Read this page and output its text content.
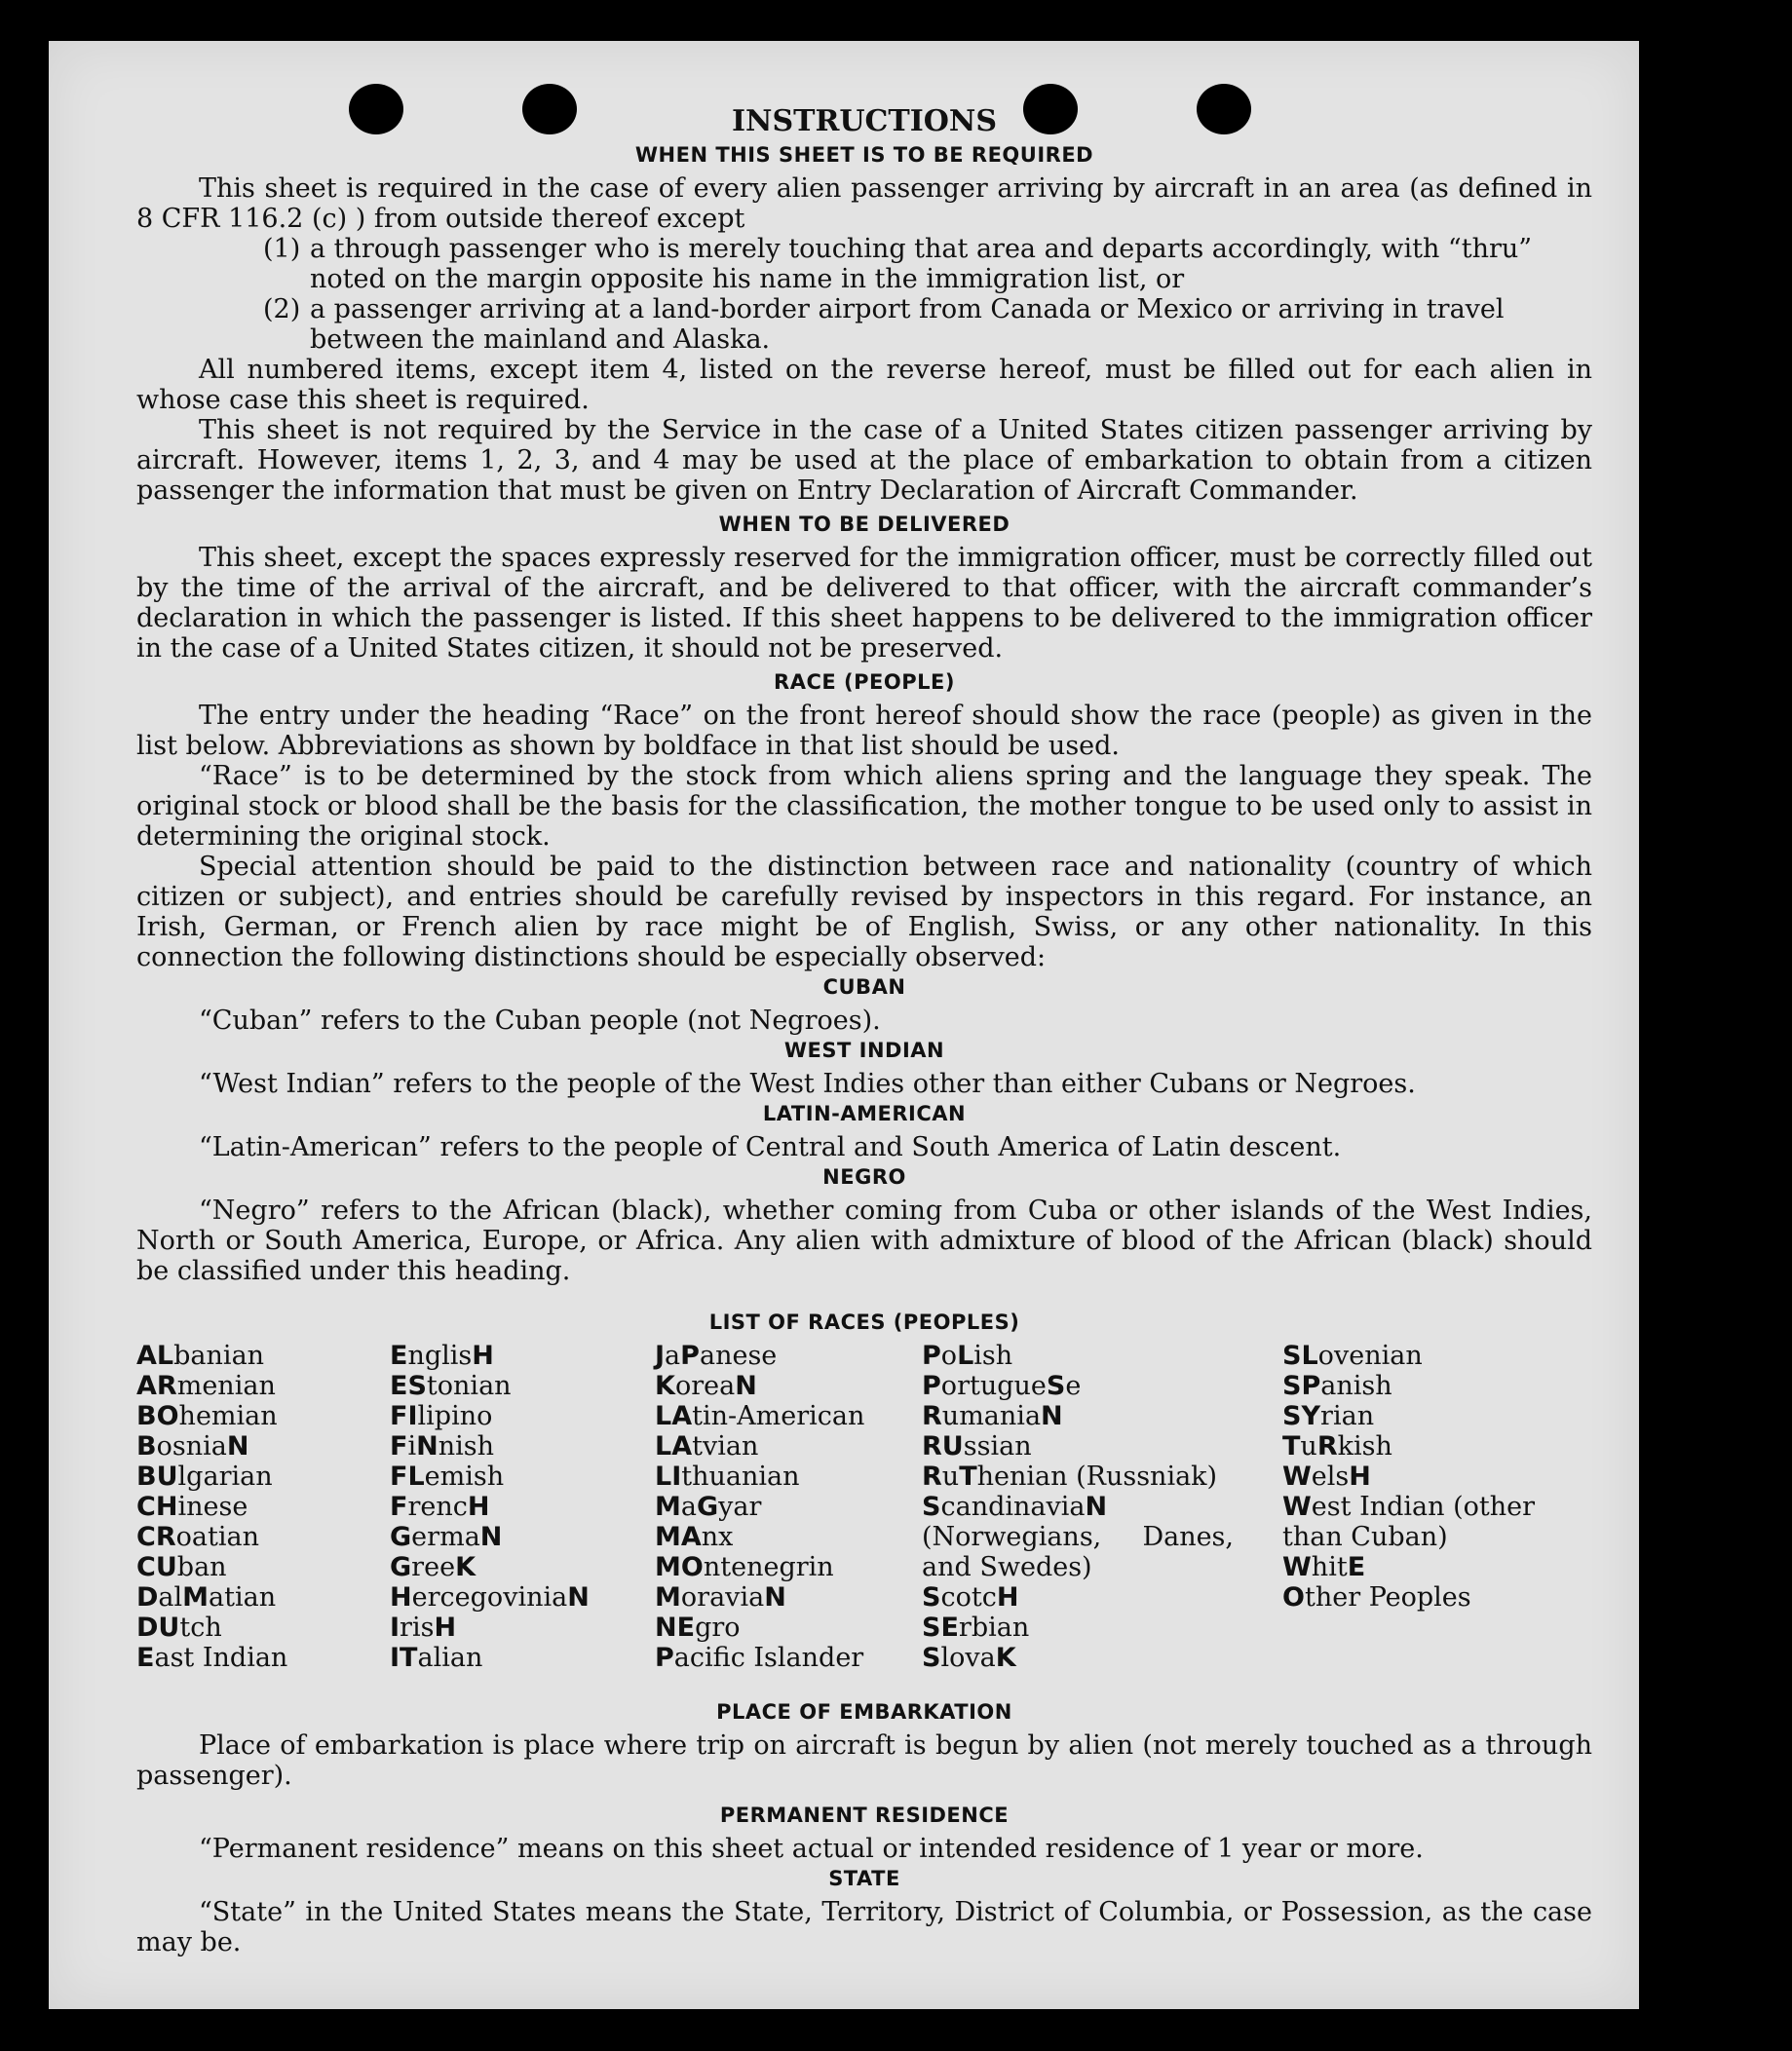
INSTRUCTIONS
WHEN THIS SHEET IS TO BE REQUIRED

This sheet is required in the case of every alien passenger arriving by aircraft in an area (as defined in 8 CFR 116.2 (c) ) from outside thereof except

(1) a through passenger who is merely touching that area and departs accordingly, with “thru” noted on the margin opposite his name in the immigration list, or
(2) a passenger arriving at a land-border airport from Canada or Mexico or arriving in travel between the mainland and Alaska.

All numbered items, except item 4, listed on the reverse hereof, must be filled out for each alien in whose case this sheet is required.

This sheet is not required by the Service in the case of a United States citizen passenger arriving by aircraft. However, items 1, 2, 3, and 4 may be used at the place of embarkation to obtain from a citizen passenger the information that must be given on Entry Declaration of Aircraft Commander.

WHEN TO BE DELIVERED

This sheet, except the spaces expressly reserved for the immigration officer, must be correctly filled out by the time of the arrival of the aircraft, and be delivered to that officer, with the aircraft commander’s declaration in which the passenger is listed. If this sheet happens to be delivered to the immigration officer in the case of a United States citizen, it should not be preserved.

RACE (PEOPLE)

The entry under the heading “Race” on the front hereof should show the race (people) as given in the list below. Abbreviations as shown by boldface in that list should be used.

“Race” is to be determined by the stock from which aliens spring and the language they speak. The original stock or blood shall be the basis for the classification, the mother tongue to be used only to assist in determining the original stock.

Special attention should be paid to the distinction between race and nationality (country of which citizen or subject), and entries should be carefully revised by inspectors in this regard. For instance, an Irish, German, or French alien by race might be of English, Swiss, or any other nationality. In this connection the following distinctions should be especially observed:

CUBAN

“Cuban” refers to the Cuban people (not Negroes).

WEST INDIAN

“West Indian” refers to the people of the West Indies other than either Cubans or Negroes.

LATIN-AMERICAN

“Latin-American” refers to the people of Central and South America of Latin descent.

NEGRO

“Negro” refers to the African (black), whether coming from Cuba or other islands of the West Indies, North or South America, Europe, or Africa. Any alien with admixture of blood of the African (black) should be classified under this heading.

LIST OF RACES (PEOPLES)
ALbanian
ARmenian
BOhemian
BosniaN
BUlgarian
CHinese
CRoatian
CUban
DalMatian
DUtch
East Indian
EnglisH
EStonian
FIlipino
FiNnish
FLemish
FrencH
GermaN
GreeK
HercegoviniaN
IrisH
ITalian
JaPanese
KoreaN
LAtin-American
LAtvian
LIthuanian
MaGyar
MAnx
MOntenegrin
MoraviaN
NEgro
Pacifc Islander
PoLish
PortugueSe
RumaniaN
RUssian
RuThenian (Russniak)
ScandinaviaN (Norwegians, Danes, and Swedes)
ScotcH
SErbian
SlovaK
SLovenian
SPanish
SYrian
TuRkish
WelsH
West Indian (other than Cuban)
WhitE
Other Peoples
PLACE OF EMBARKATION

Place of embarkation is place where trip on aircraft is begun by alien (not merely touched as a through passenger).

PERMANENT RESIDENCE

“Permanent residence” means on this sheet actual or intended residence of 1 year or more.

STATE

“State” in the United States means the State, Territory, District of Columbia, or Possession, as the case may be.
